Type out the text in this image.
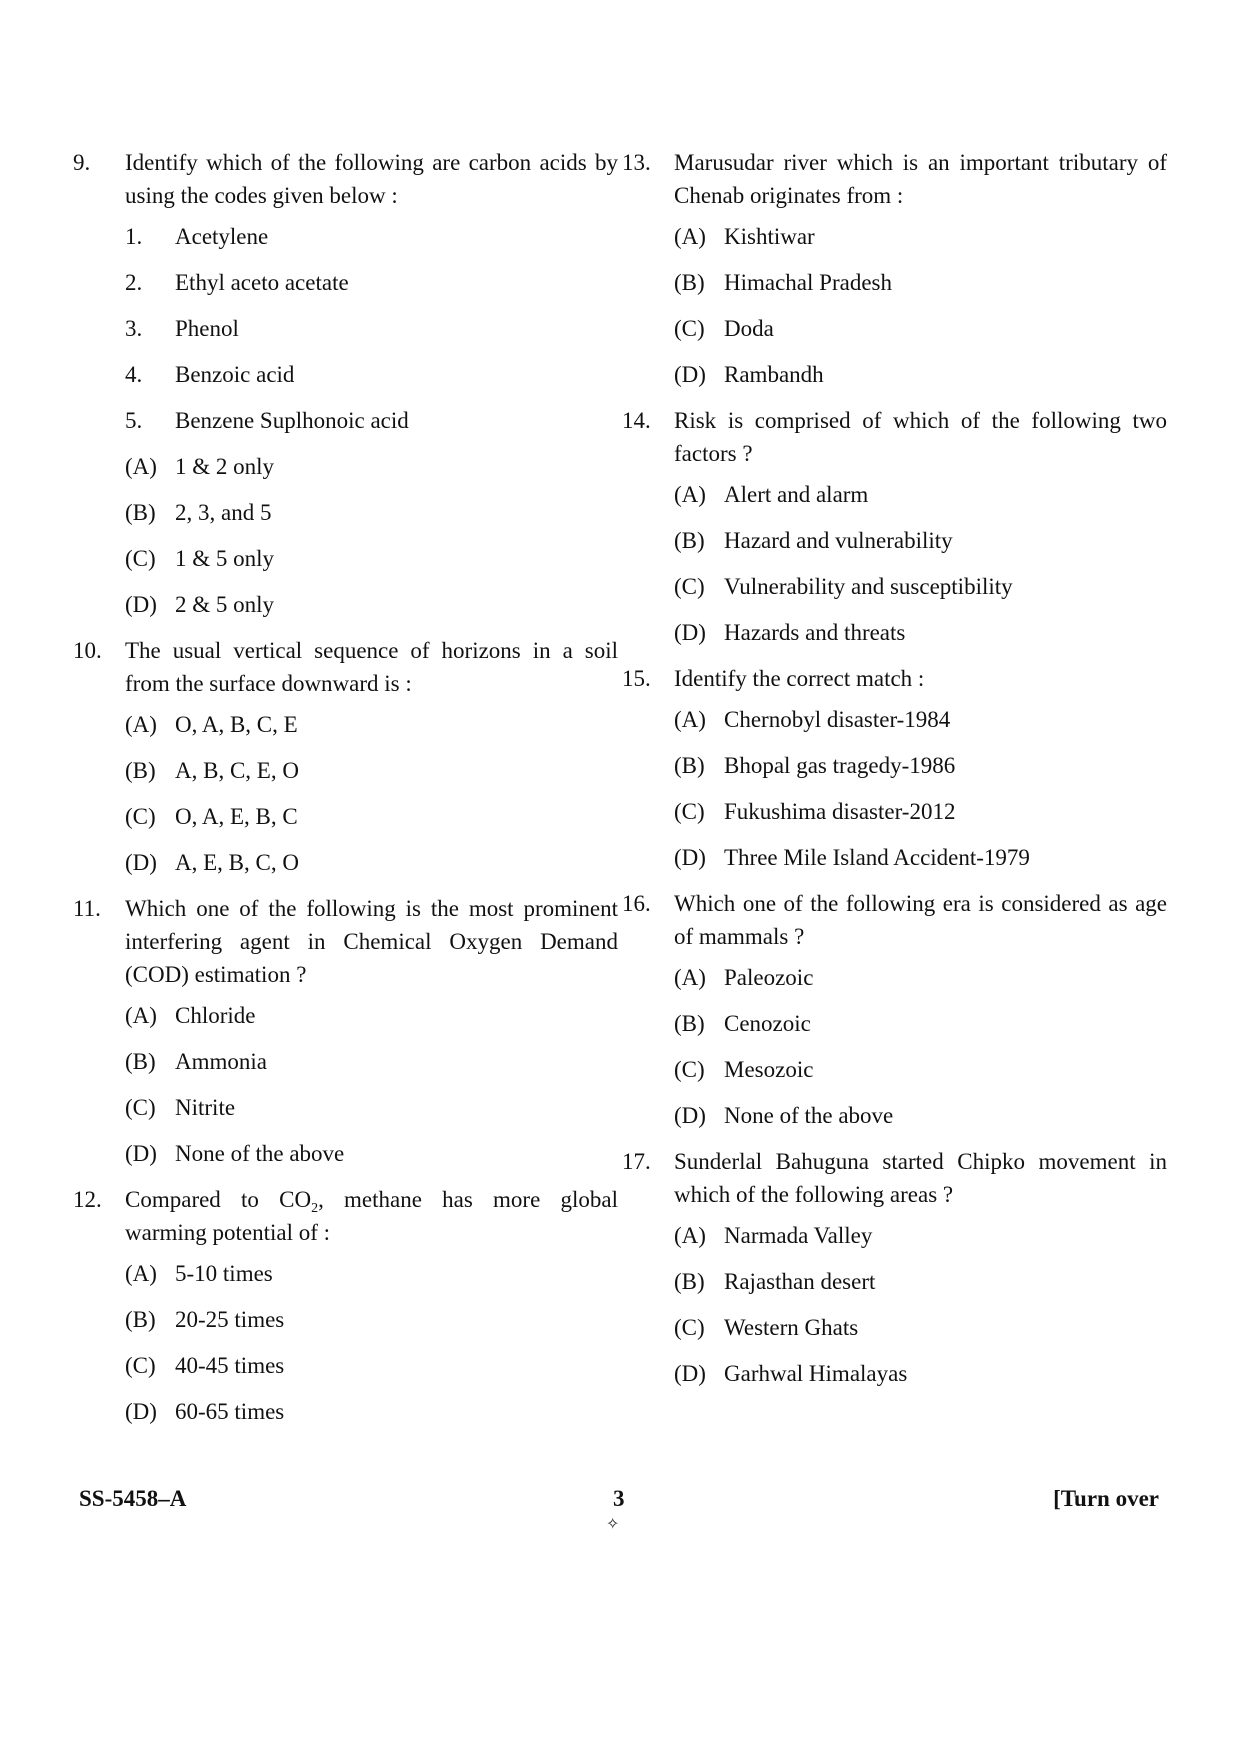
9. Identify which of the following are carbon acids by using the codes given below :
1. Acetylene
2. Ethyl aceto acetate
3. Phenol
4. Benzoic acid
5. Benzene Suplhonoic acid
(A) 1 & 2 only
(B) 2, 3, and 5
(C) 1 & 5 only
(D) 2 & 5 only
10. The usual vertical sequence of horizons in a soil from the surface downward is :
(A) O, A, B, C, E
(B) A, B, C, E, O
(C) O, A, E, B, C
(D) A, E, B, C, O
11. Which one of the following is the most prominent interfering agent in Chemical Oxygen Demand (COD) estimation ?
(A) Chloride
(B) Ammonia
(C) Nitrite
(D) None of the above
12. Compared to $CO_2$, methane has more global warming potential of :
(A) 5-10 times
(B) 20-25 times
(C) 40-45 times
(D) 60-65 times
13. Marusudar river which is an important tributary of Chenab originates from :
(A) Kishtiwar
(B) Himachal Pradesh
(C) Doda
(D) Rambandh
14. Risk is comprised of which of the following two factors ?
(A) Alert and alarm
(B) Hazard and vulnerability
(C) Vulnerability and susceptibility
(D) Hazards and threats
15. Identify the correct match :
(A) Chernobyl disaster-1984
(B) Bhopal gas tragedy-1986
(C) Fukushima disaster-2012
(D) Three Mile Island Accident-1979
16. Which one of the following era is considered as age of mammals ?
(A) Paleozoic
(B) Cenozoic
(C) Mesozoic
(D) None of the above
17. Sunderlal Bahuguna started Chipko movement in which of the following areas ?
(A) Narmada Valley
(B) Rajasthan desert
(C) Western Ghats
(D) Garhwal Himalayas
SS-5458–A	3	[Turn over
✧
